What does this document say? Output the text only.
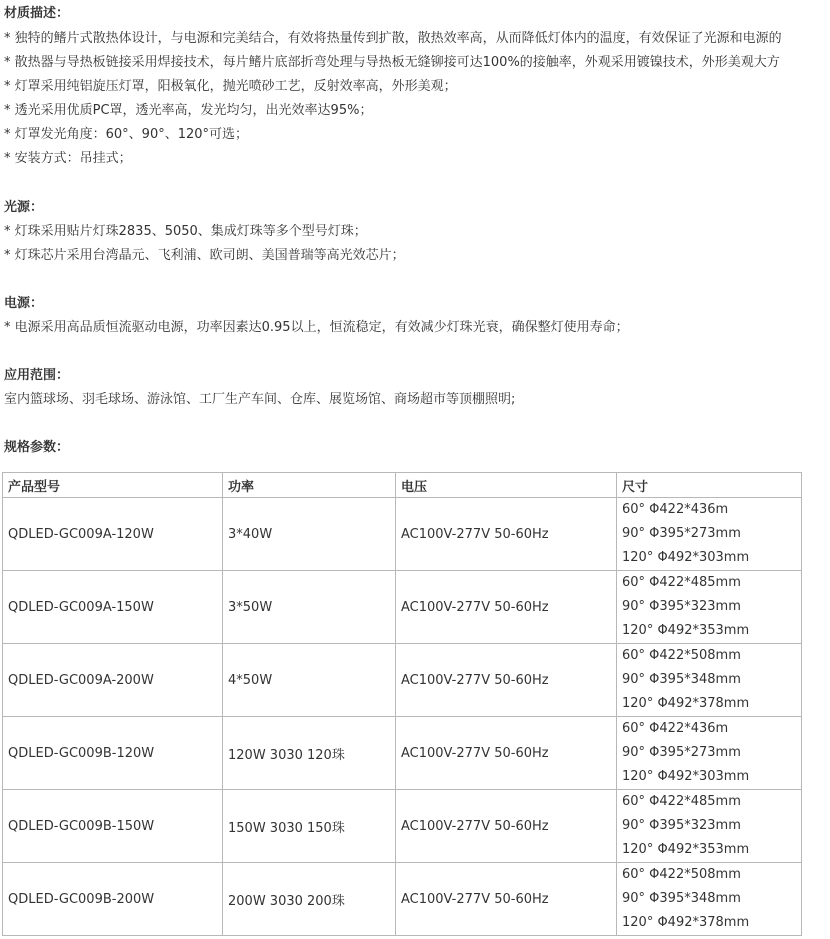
材质描述：
* 独特的鳍片式散热体设计，与电源和完美结合，有效将热量传到扩散，散热效率高，从而降低灯体内的温度，有效保证了光源和电源的
* 散热器与导热板链接采用焊接技术，每片鳍片底部折弯处理与导热板无缝铆接可达100%的接触率，外观采用镀镍技术，外形美观大方
* 灯罩采用纯铝旋压灯罩，阳极氧化，抛光喷砂工艺，反射效率高，外形美观；
* 透光采用优质PC罩，透光率高，发光均匀，出光效率达95%；
* 灯罩发光角度：60°、90°、120°可选；
* 安装方式：吊挂式；
光源：
* 灯珠采用贴片灯珠2835、5050、集成灯珠等多个型号灯珠；
* 灯珠芯片采用台湾晶元、飞利浦、欧司朗、美国普瑞等高光效芯片；
电源：
* 电源采用高品质恒流驱动电源，功率因素达0.95以上，恒流稳定，有效减少灯珠光衰，确保整灯使用寿命；
应用范围：
室内篮球场、羽毛球场、游泳馆、工厂生产车间、仓库、展览场馆、商场超市等顶棚照明;
规格参数：
产品型号	功率	电压	尺寸
QDLED-GC009A-120W	3*40W	AC100V-277V 50-60Hz	60° Φ422*436m
90° Φ395*273mm
120° Φ492*303mm

QDLED-GC009A-150W	3*50W	AC100V-277V 50-60Hz	60° Φ422*485mm
90° Φ395*323mm
120° Φ492*353mm

QDLED-GC009A-200W	4*50W	AC100V-277V 50-60Hz	60° Φ422*508mm
90° Φ395*348mm
120° Φ492*378mm

QDLED-GC009B-120W	120W 3030 120珠	AC100V-277V 50-60Hz	60° Φ422*436m
90° Φ395*273mm
120° Φ492*303mm

QDLED-GC009B-150W	150W 3030 150珠	AC100V-277V 50-60Hz	60° Φ422*485mm
90° Φ395*323mm
120° Φ492*353mm

QDLED-GC009B-200W	200W 3030 200珠	AC100V-277V 50-60Hz	60° Φ422*508mm
90° Φ395*348mm
120° Φ492*378mm
